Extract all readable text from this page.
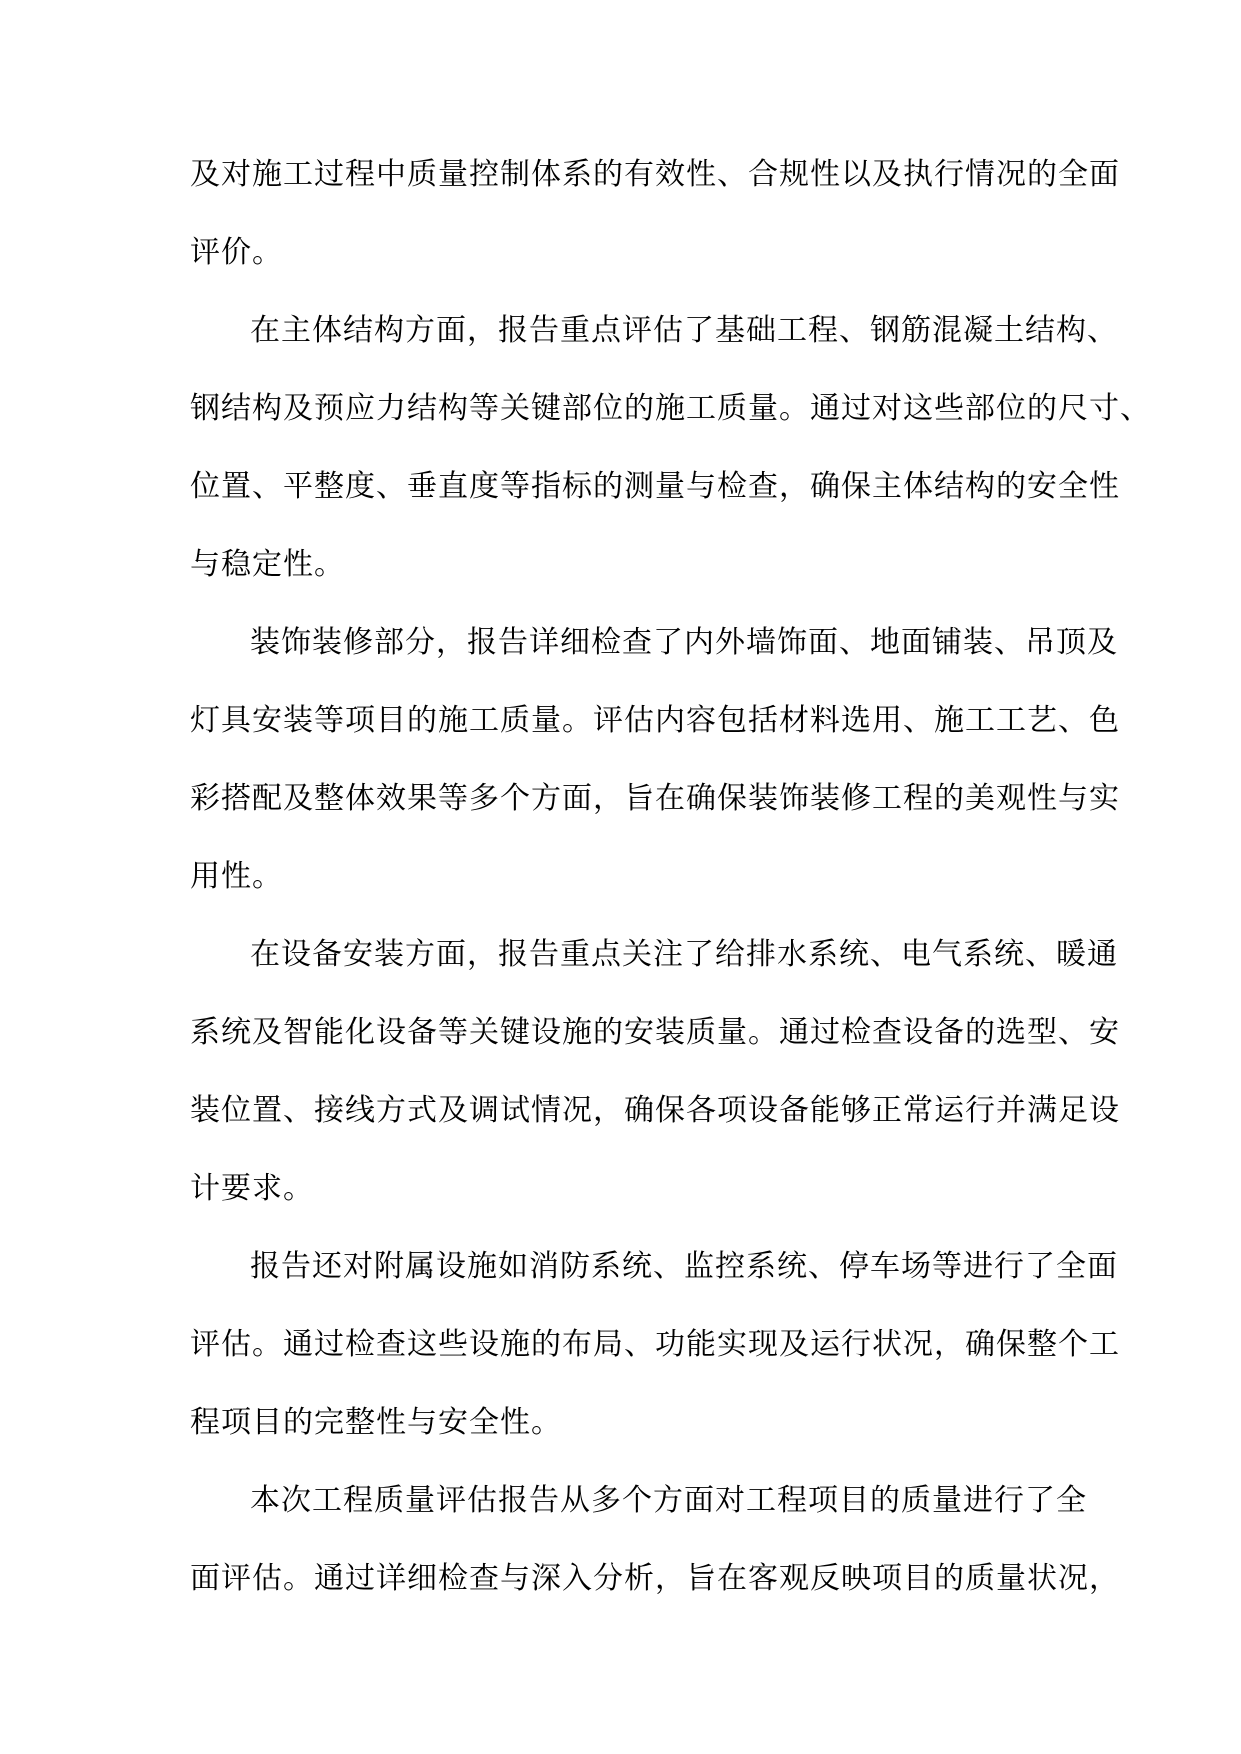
及对施工过程中质量控制体系的有效性、合规性以及执行情况的全面
评价。
在主体结构方面，报告重点评估了基础工程、钢筋混凝土结构、
钢结构及预应力结构等关键部位的施工质量。通过对这些部位的尺寸、
位置、平整度、垂直度等指标的测量与检查，确保主体结构的安全性
与稳定性。
装饰装修部分，报告详细检查了内外墙饰面、地面铺装、吊顶及
灯具安装等项目的施工质量。评估内容包括材料选用、施工工艺、色
彩搭配及整体效果等多个方面，旨在确保装饰装修工程的美观性与实
用性。
在设备安装方面，报告重点关注了给排水系统、电气系统、暖通
系统及智能化设备等关键设施的安装质量。通过检查设备的选型、安
装位置、接线方式及调试情况，确保各项设备能够正常运行并满足设
计要求。
报告还对附属设施如消防系统、监控系统、停车场等进行了全面
评估。通过检查这些设施的布局、功能实现及运行状况，确保整个工
程项目的完整性与安全性。
本次工程质量评估报告从多个方面对工程项目的质量进行了全
面评估。通过详细检查与深入分析，旨在客观反映项目的质量状况，
